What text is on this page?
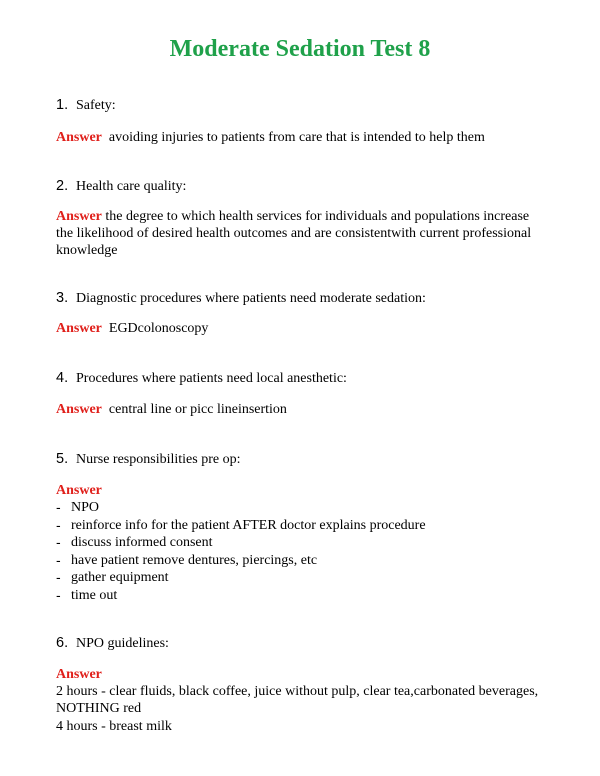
Moderate Sedation Test 8
1. Safety:
Answer avoiding injuries to patients from care that is intended to help them
2. Health care quality:
Answer the degree to which health services for individuals and populations increase the likelihood of desired health outcomes and are consistentwith current professional knowledge
3. Diagnostic procedures where patients need moderate sedation:
Answer EGDcolonoscopy
4. Procedures where patients need local anesthetic:
Answer central line or picc lineinsertion
5. Nurse responsibilities pre op:
Answer
- NPO
- reinforce info for the patient AFTER doctor explains procedure
- discuss informed consent
- have patient remove dentures, piercings, etc
- gather equipment
- time out
6. NPO guidelines:
Answer
2 hours - clear fluids, black coffee, juice without pulp, clear tea,carbonated beverages,
NOTHING red
4 hours - breast milk
